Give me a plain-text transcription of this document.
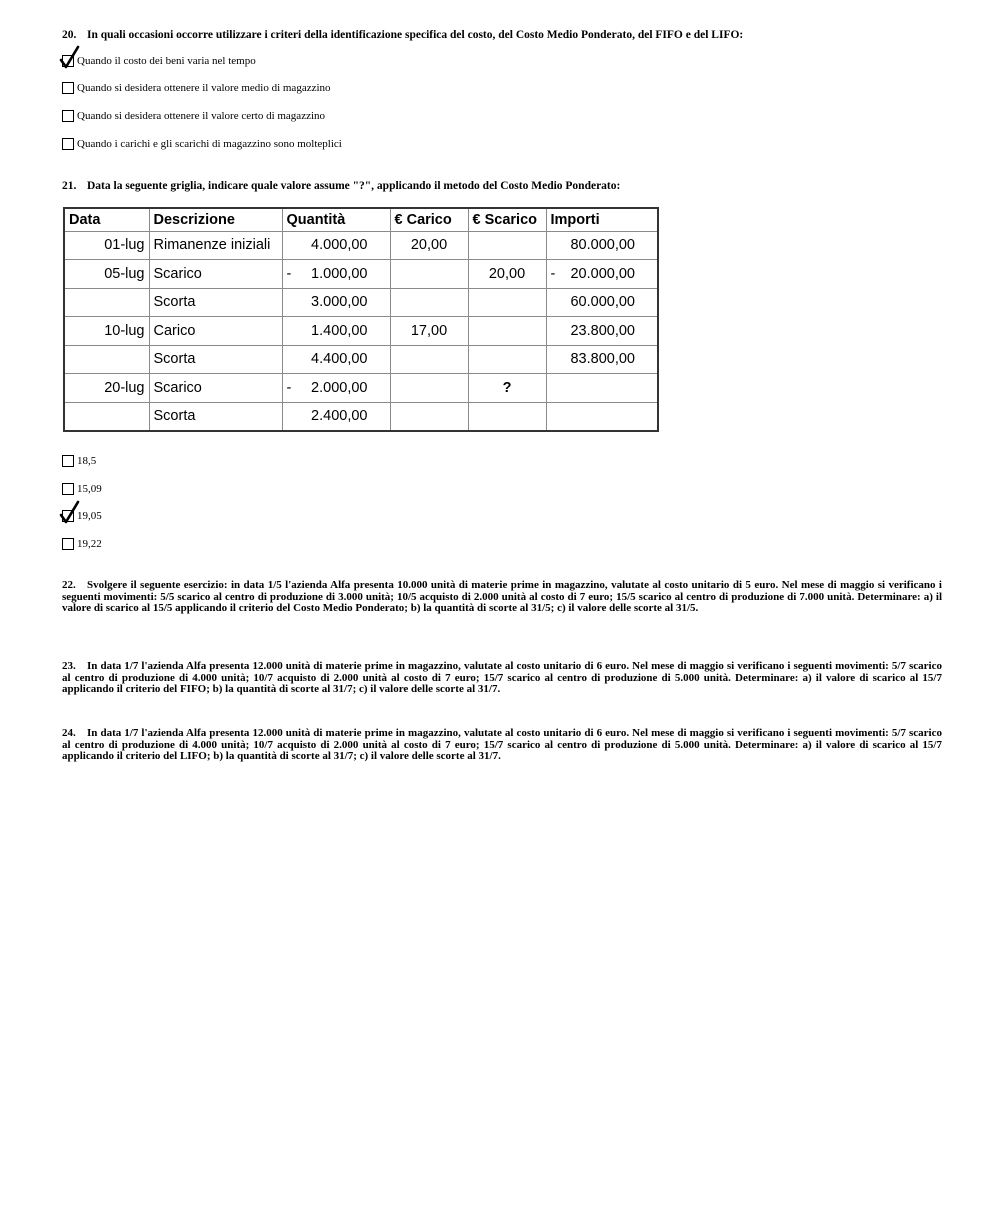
20. In quali occasioni occorre utilizzare i criteri della identificazione specifica del costo, del Costo Medio Ponderato, del FIFO e del LIFO:
Quando il costo dei beni varia nel tempo
Quando si desidera ottenere il valore medio di magazzino
Quando si desidera ottenere il valore certo di magazzino
Quando i carichi e gli scarichi di magazzino sono molteplici
21. Data la seguente griglia, indicare quale valore assume "?", applicando il metodo del Costo Medio Ponderato:
Data	Descrizione	Quantità	€ Carico	€ Scarico	Importi
01-lug	Rimanenze iniziali	4.000,00	20,00		80.000,00

05-lug	Scarico	- 1.000,00		20,00	- 20.000,00

	Scorta	3.000,00			60.000,00

10-lug	Carico	1.400,00	17,00		23.800,00

	Scorta	4.400,00			83.800,00

20-lug	Scarico	- 2.000,00		?	

	Scorta	2.400,00			

18,5
15,09
19,05
19,22
22. Svolgere il seguente esercizio: in data 1/5 l'azienda Alfa presenta 10.000 unità di materie prime in magazzino, valutate al costo unitario di 5 euro. Nel mese di maggio si verificano i seguenti movimenti: 5/5 scarico al centro di produzione di 3.000 unità; 10/5 acquisto di 2.000 unità al costo di 7 euro; 15/5 scarico al centro di produzione di 7.000 unità. Determinare: a) il valore di scarico al 15/5 applicando il criterio del Costo Medio Ponderato; b) la quantità di scorte al 31/5; c) il valore delle scorte al 31/5.
23. In data 1/7 l'azienda Alfa presenta 12.000 unità di materie prime in magazzino, valutate al costo unitario di 6 euro. Nel mese di maggio si verificano i seguenti movimenti: 5/7 scarico al centro di produzione di 4.000 unità; 10/7 acquisto di 2.000 unità al costo di 7 euro; 15/7 scarico al centro di produzione di 5.000 unità. Determinare: a) il valore di scarico al 15/7 applicando il criterio del FIFO; b) la quantità di scorte al 31/7; c) il valore delle scorte al 31/7.
24. In data 1/7 l'azienda Alfa presenta 12.000 unità di materie prime in magazzino, valutate al costo unitario di 6 euro. Nel mese di maggio si verificano i seguenti movimenti: 5/7 scarico al centro di produzione di 4.000 unità; 10/7 acquisto di 2.000 unità al costo di 7 euro; 15/7 scarico al centro di produzione di 5.000 unità. Determinare: a) il valore di scarico al 15/7 applicando il criterio del LIFO; b) la quantità di scorte al 31/7; c) il valore delle scorte al 31/7.
